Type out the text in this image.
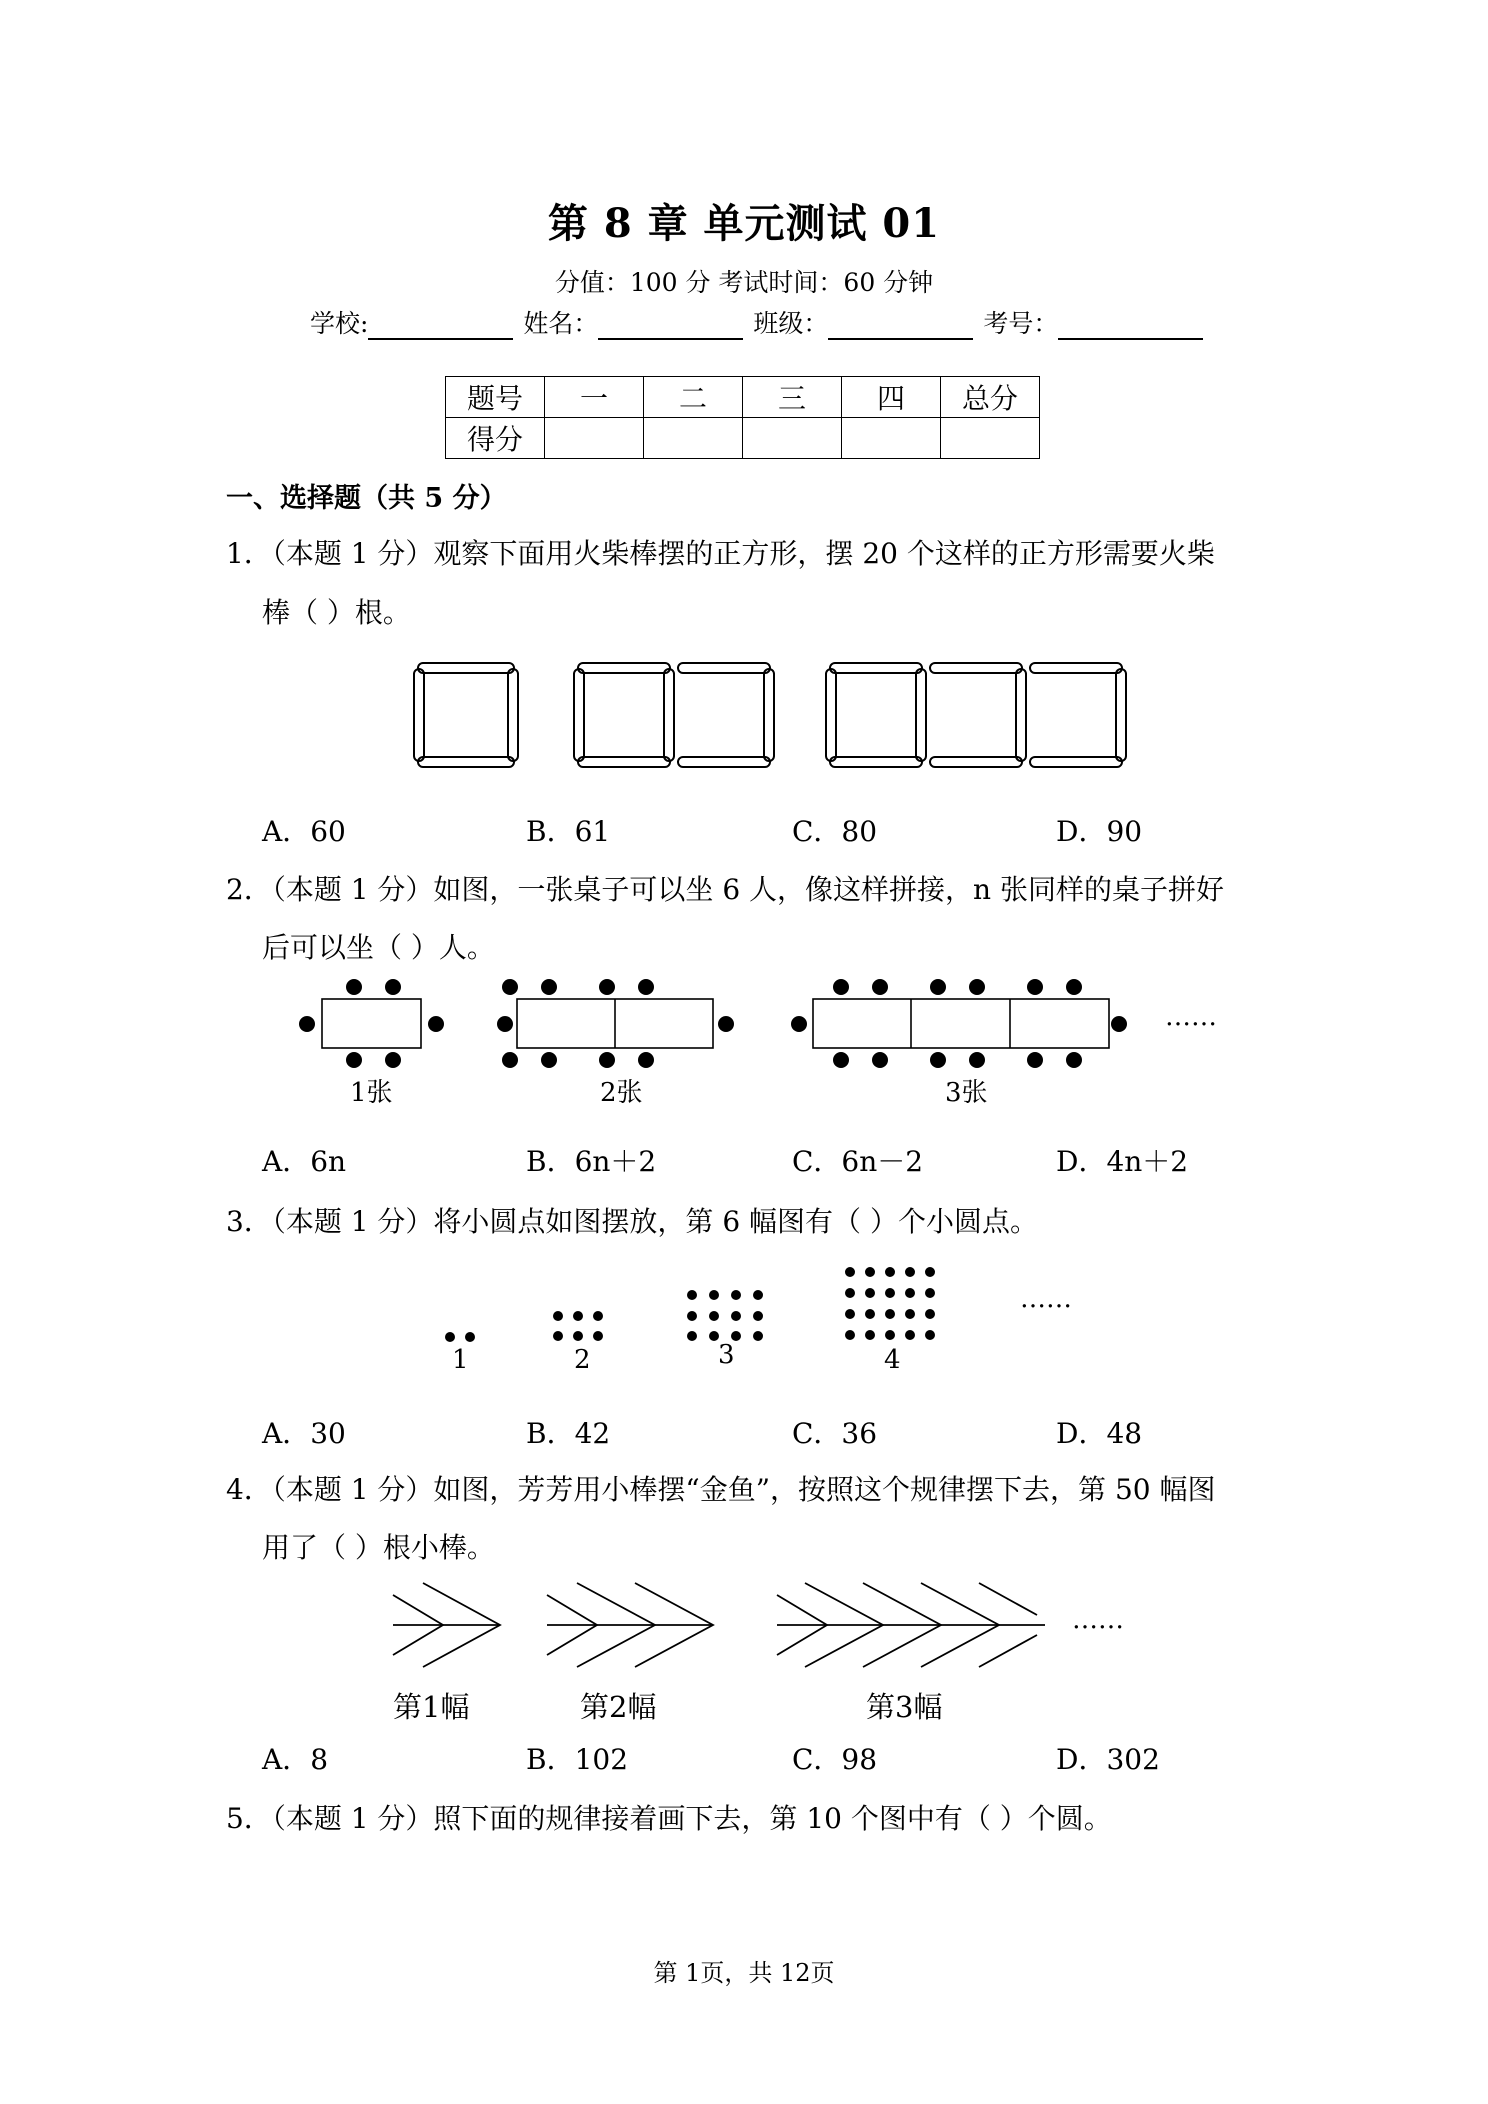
第 8 章 单元测试 01
分值：100 分 考试时间：60 分钟
学校:	姓名：	班级：	考号：
题号	一	二	三	四	总分
得分					
一、选择题（共 5 分）
1．（本题 1 分）观察下面用火柴棒摆的正方形，摆 20 个这样的正方形需要火柴
棒（ ）根。
A．60	B．61	C．80	D．90
2．（本题 1 分）如图，一张桌子可以坐 6 人，像这样拼接，n 张同样的桌子拼好
后可以坐（ ）人。
1张	2张	3张
……
A．6n	B．6n＋2	C．6n－2	D．4n＋2
3．（本题 1 分）将小圆点如图摆放，第 6 幅图有（ ）个小圆点。
1	2	3	4
……
A．30	B．42	C．36	D．48
4．（本题 1 分）如图，芳芳用小棒摆“金鱼”，按照这个规律摆下去，第 50 幅图
用了（ ）根小棒。
第1幅	第2幅	第3幅
……
A．8	B．102	C．98	D．302
5．（本题 1 分）照下面的规律接着画下去，第 10 个图中有（ ）个圆。
第 1页，共 12页
